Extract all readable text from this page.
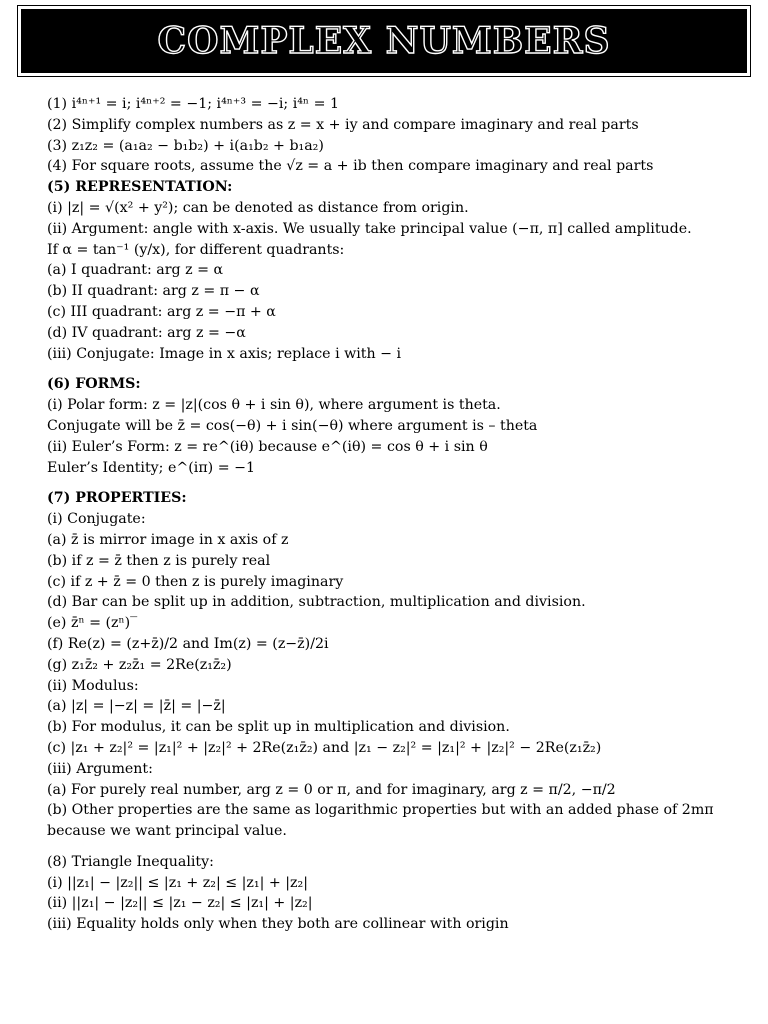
COMPLEX NUMBERS
(1) i⁴ⁿ⁺¹ = i; i⁴ⁿ⁺² = −1; i⁴ⁿ⁺³ = −i; i⁴ⁿ = 1
(2) Simplify complex numbers as z = x + iy and compare imaginary and real parts
(3) z₁z₂ = (a₁a₂ − b₁b₂) + i(a₁b₂ + b₁a₂)
(4) For square roots, assume the √z = a + ib then compare imaginary and real parts
(5) REPRESENTATION:
(i) |z| = √(x² + y²); can be denoted as distance from origin.
(ii) Argument: angle with x-axis. We usually take principal value (−π, π] called amplitude.
If α = tan⁻¹ (y/x), for different quadrants:
(a) I quadrant: arg z = α
(b) II quadrant: arg z = π − α
(c) III quadrant: arg z = −π + α
(d) IV quadrant: arg z = −α
(iii) Conjugate: Image in x axis; replace i with − i
(6) FORMS:
(i) Polar form: z = |z|(cos θ + i sin θ), where argument is theta.
Conjugate will be z̄ = cos(−θ) + i sin(−θ) where argument is – theta
(ii) Euler’s Form: z = re^(iθ) because e^(iθ) = cos θ + i sin θ
Euler’s Identity; e^(iπ) = −1
(7) PROPERTIES:
(i) Conjugate:
(a) z̄ is mirror image in x axis of z
(b) if z = z̄ then z is purely real
(c) if z + z̄ = 0 then z is purely imaginary
(d) Bar can be split up in addition, subtraction, multiplication and division.
(e) z̄ⁿ = (zⁿ)‾
(f) Re(z) = (z+z̄)/2 and Im(z) = (z−z̄)/2i
(g) z₁z̄₂ + z₂z̄₁ = 2Re(z₁z̄₂)
(ii) Modulus:
(a) |z| = |−z| = |z̄| = |−z̄|
(b) For modulus, it can be split up in multiplication and division.
(c) |z₁ + z₂|² = |z₁|² + |z₂|² + 2Re(z₁z̄₂) and |z₁ − z₂|² = |z₁|² + |z₂|² − 2Re(z₁z̄₂)
(iii) Argument:
(a) For purely real number, arg z = 0 or π, and for imaginary, arg z = π/2, −π/2
(b) Other properties are the same as logarithmic properties but with an added phase of 2mπ
because we want principal value.
(8) Triangle Inequality:
(i) ||z₁| − |z₂|| ≤ |z₁ + z₂| ≤ |z₁| + |z₂|
(ii) ||z₁| − |z₂|| ≤ |z₁ − z₂| ≤ |z₁| + |z₂|
(iii) Equality holds only when they both are collinear with origin
